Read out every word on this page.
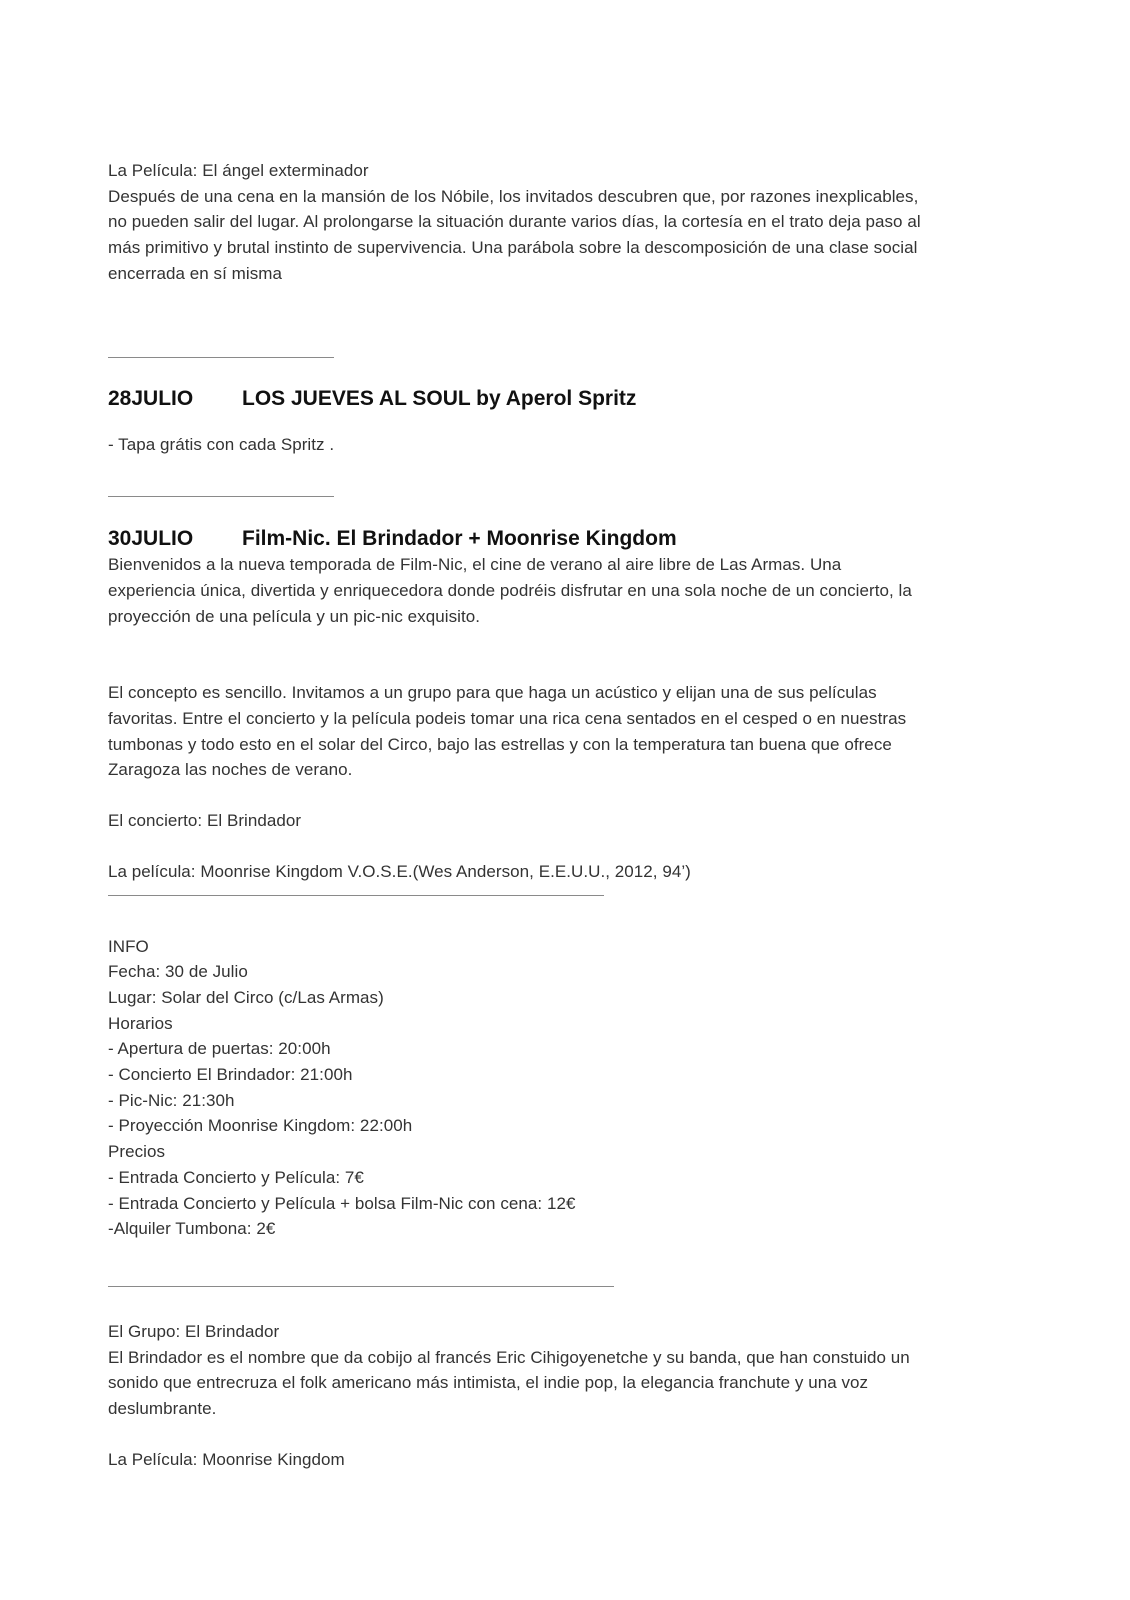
La Película: El ángel exterminador
Después de una cena en la mansión de los Nóbile, los invitados descubren que, por razones inexplicables,
no pueden salir del lugar. Al prolongarse la situación durante varios días, la cortesía en el trato deja paso al
más primitivo y brutal instinto de supervivencia. Una parábola sobre la descomposición de una clase social
encerrada en sí misma

28JULIO LOS JUEVES AL SOUL by Aperol Spritz

- Tapa grátis con cada Spritz .

30JULIO Film-Nic. El Brindador + Moonrise Kingdom

Bienvenidos a la nueva temporada de Film-Nic, el cine de verano al aire libre de Las Armas. Una
experiencia única, divertida y enriquecedora donde podréis disfrutar en una sola noche de un concierto, la
proyección de una película y un pic-nic exquisito.

El concepto es sencillo. Invitamos a un grupo para que haga un acústico y elijan una de sus películas
favoritas. Entre el concierto y la película podeis tomar una rica cena sentados en el cesped o en nuestras
tumbonas y todo esto en el solar del Circo, bajo las estrellas y con la temperatura tan buena que ofrece
Zaragoza las noches de verano.

El concierto: El Brindador

La película: Moonrise Kingdom V.O.S.E.(Wes Anderson, E.E.U.U., 2012, 94’)

INFO
Fecha: 30 de Julio
Lugar: Solar del Circo (c/Las Armas)
Horarios
- Apertura de puertas: 20:00h
- Concierto El Brindador: 21:00h
- Pic-Nic: 21:30h
- Proyección Moonrise Kingdom: 22:00h
Precios
- Entrada Concierto y Película: 7€
- Entrada Concierto y Película + bolsa Film-Nic con cena: 12€
-Alquiler Tumbona: 2€

El Grupo: El Brindador
El Brindador es el nombre que da cobijo al francés Eric Cihigoyenetche y su banda, que han constuido un
sonido que entrecruza el folk americano más intimista, el indie pop, la elegancia franchute y una voz
deslumbrante.

La Película: Moonrise Kingdom
